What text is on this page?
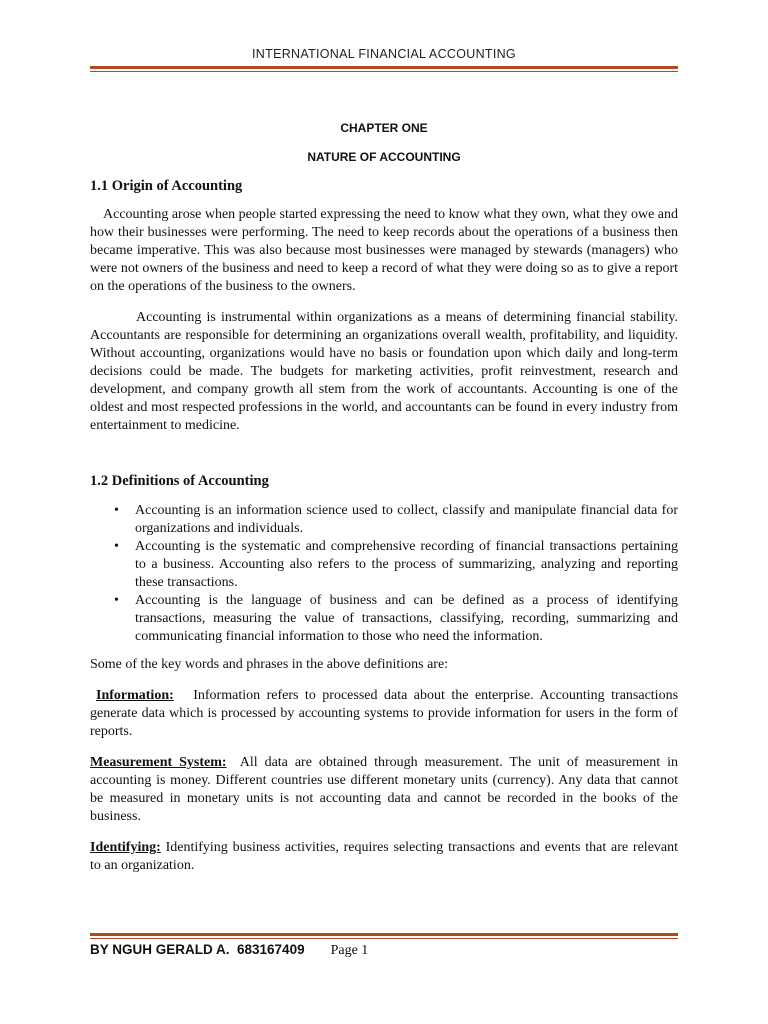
INTERNATIONAL FINANCIAL ACCOUNTING
CHAPTER ONE
NATURE OF ACCOUNTING
1.1 Origin of Accounting

Accounting arose when people started expressing the need to know what they own, what they owe and how their businesses were performing. The need to keep records about the operations of a business then became imperative. This was also because most businesses were managed by stewards (managers) who were not owners of the business and need to keep a record of what they were doing so as to give a report on the operations of the business to the owners.

Accounting is instrumental within organizations as a means of determining financial stability. Accountants are responsible for determining an organizations overall wealth, profitability, and liquidity. Without accounting, organizations would have no basis or foundation upon which daily and long-term decisions could be made. The budgets for marketing activities, profit reinvestment, research and development, and company growth all stem from the work of accountants. Accounting is one of the oldest and most respected professions in the world, and accountants can be found in every industry from entertainment to medicine.

1.2 Definitions of Accounting
• Accounting is an information science used to collect, classify and manipulate financial data for organizations and individuals.
• Accounting is the systematic and comprehensive recording of financial transactions pertaining to a business. Accounting also refers to the process of summarizing, analyzing and reporting these transactions.
• Accounting is the language of business and can be defined as a process of identifying transactions, measuring the value of transactions, classifying, recording, summarizing and communicating financial information to those who need the information.

Some of the key words and phrases in the above definitions are:

Information: Information refers to processed data about the enterprise. Accounting transactions generate data which is processed by accounting systems to provide information for users in the form of reports.

Measurement System: All data are obtained through measurement. The unit of measurement in accounting is money. Different countries use different monetary units (currency). Any data that cannot be measured in monetary units is not accounting data and cannot be recorded in the books of the business.

Identifying: Identifying business activities, requires selecting transactions and events that are relevant to an organization.

BY NGUH GERALD A.  683167409 Page 1
